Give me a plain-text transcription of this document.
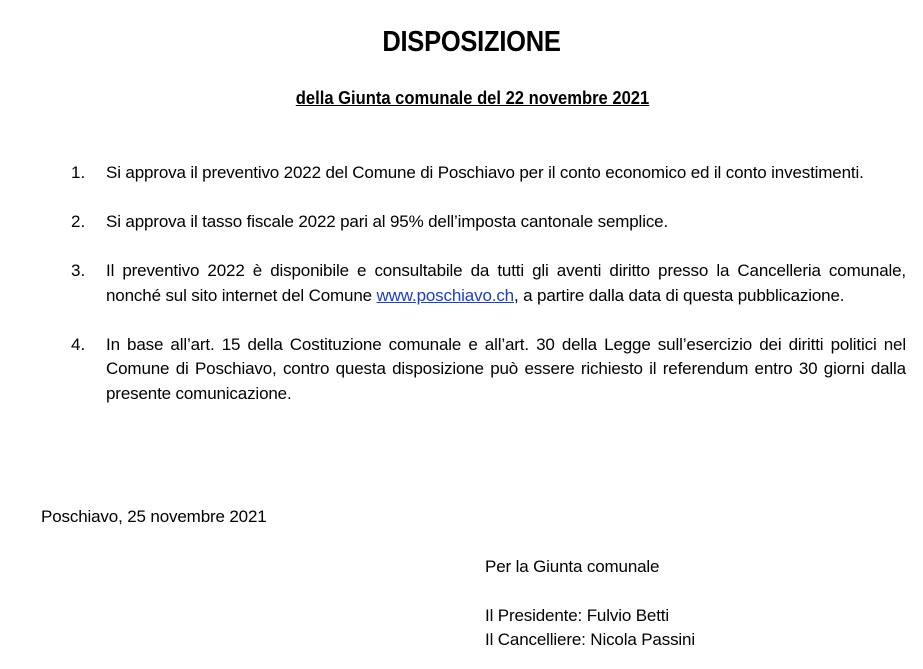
DISPOSIZIONE
della Giunta comunale del 22 novembre 2021
1.	Si approva il preventivo 2022 del Comune di Poschiavo per il conto economico ed il conto investimenti.
2.	Si approva il tasso fiscale 2022 pari al 95% dell’imposta cantonale semplice.
3.	Il preventivo 2022 è disponibile e consultabile da tutti gli aventi diritto presso la Cancelleria comunale, nonché sul sito internet del Comune www.poschiavo.ch, a partire dalla data di questa pubblicazione.
4.	In base all’art. 15 della Costituzione comunale e all’art. 30 della Legge sull’esercizio dei diritti politici nel Comune di Poschiavo, contro questa disposizione può essere richiesto il referendum entro 30 giorni dalla presente comunicazione.
Poschiavo, 25 novembre 2021
Per la Giunta comunale
Il Presidente: Fulvio Betti
Il Cancelliere: Nicola Passini
